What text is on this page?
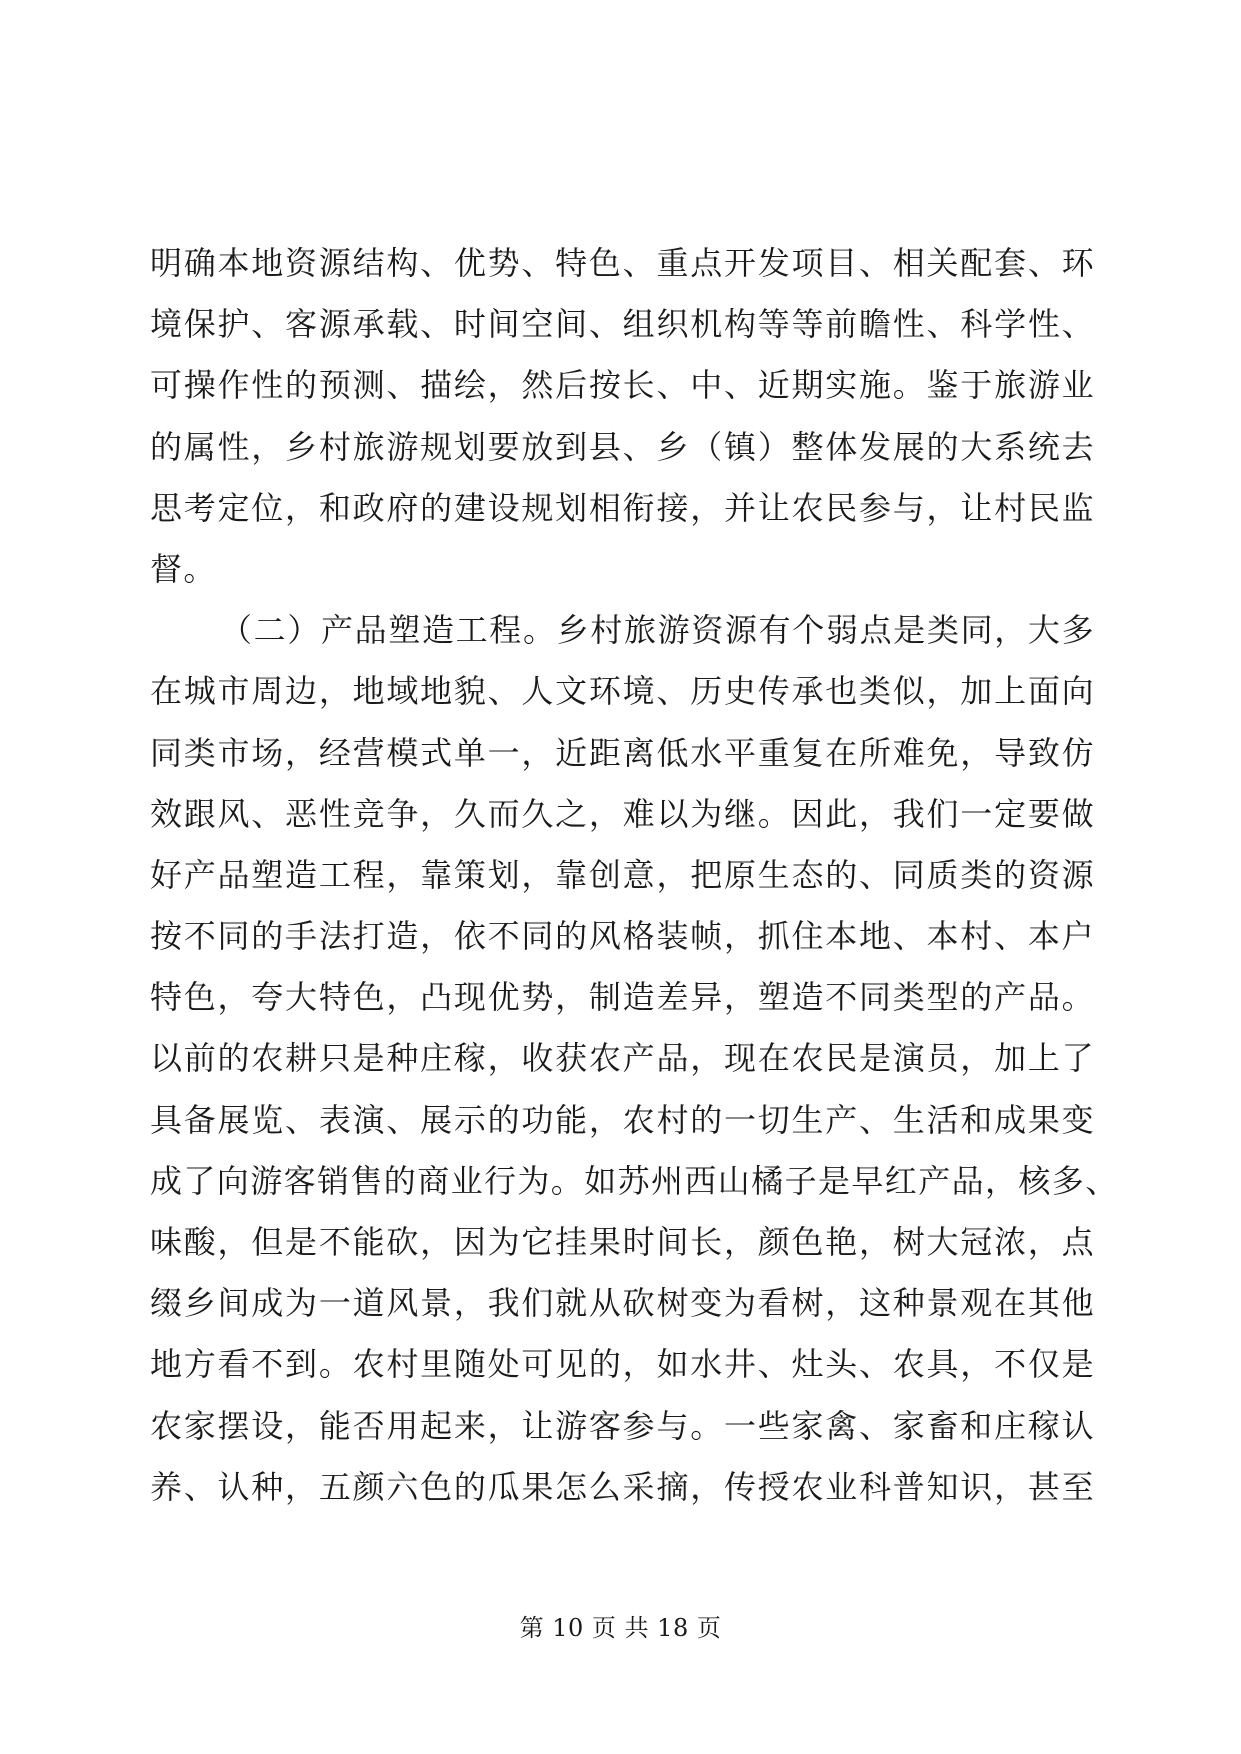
明确本地资源结构、优势、特色、重点开发项目、相关配套、环
境保护、客源承载、时间空间、组织机构等等前瞻性、科学性、
可操作性的预测、描绘，然后按长、中、近期实施。鉴于旅游业
的属性，乡村旅游规划要放到县、乡（镇）整体发展的大系统去
思考定位，和政府的建设规划相衔接，并让农民参与，让村民监
督。
（二）产品塑造工程。乡村旅游资源有个弱点是类同，大多
在城市周边，地域地貌、人文环境、历史传承也类似，加上面向
同类市场，经营模式单一，近距离低水平重复在所难免，导致仿
效跟风、恶性竞争，久而久之，难以为继。因此，我们一定要做
好产品塑造工程，靠策划，靠创意，把原生态的、同质类的资源
按不同的手法打造，依不同的风格装帧，抓住本地、本村、本户
特色，夸大特色，凸现优势，制造差异，塑造不同类型的产品。
以前的农耕只是种庄稼，收获农产品，现在农民是演员，加上了
具备展览、表演、展示的功能，农村的一切生产、生活和成果变
成了向游客销售的商业行为。如苏州西山橘子是早红产品，核多、
味酸，但是不能砍，因为它挂果时间长，颜色艳，树大冠浓，点
缀乡间成为一道风景，我们就从砍树变为看树，这种景观在其他
地方看不到。农村里随处可见的，如水井、灶头、农具，不仅是
农家摆设，能否用起来，让游客参与。一些家禽、家畜和庄稼认
养、认种，五颜六色的瓜果怎么采摘，传授农业科普知识，甚至
第 10 页 共 18 页
